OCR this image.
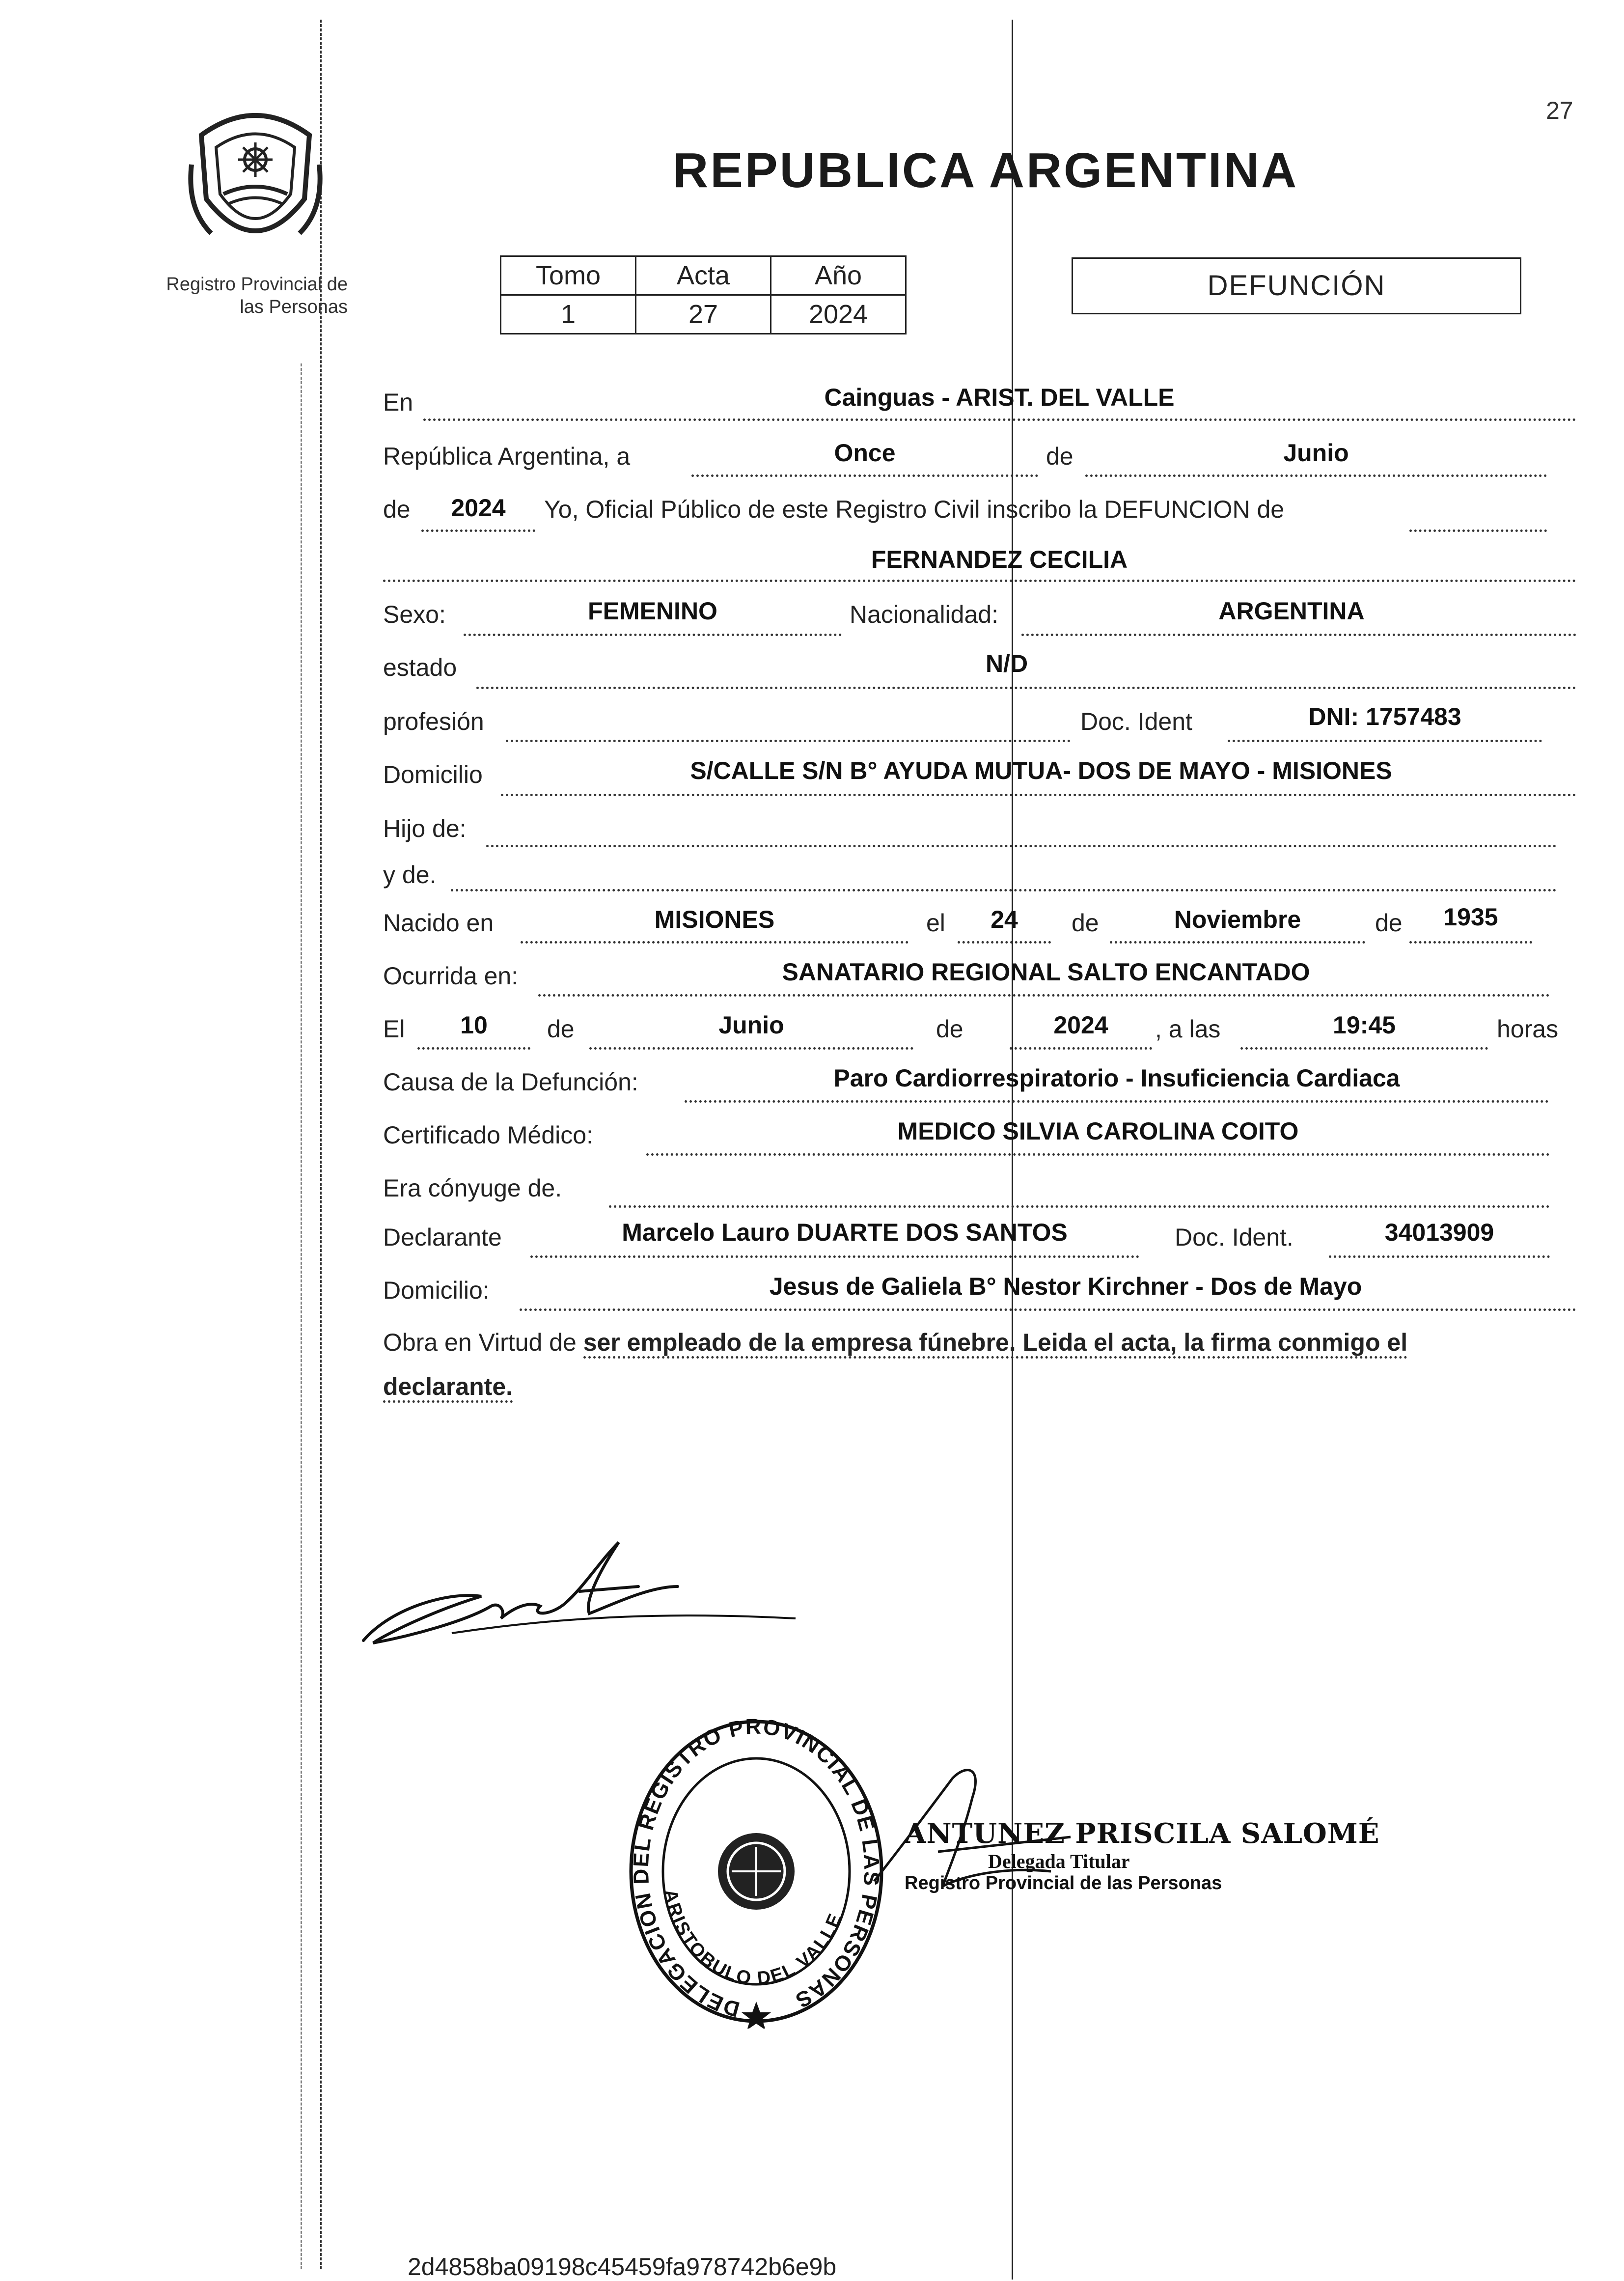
27
Registro Provincial de
las Personas
REPUBLICA ARGENTINA
Tomo	Acta	Año
1	27	2024
DEFUNCIÓN
En	Cainguas - ARIST. DEL VALLE
República Argentina, a	Once	de	Junio
de	2024	Yo, Oficial Público de este Registro Civil inscribo la DEFUNCION de
FERNANDEZ CECILIA
Sexo:	FEMENINO	Nacionalidad:	ARGENTINA
estado	N/D
profesión	Doc. Ident	DNI: 1757483
Domicilio	S/CALLE S/N B° AYUDA MUTUA- DOS DE MAYO - MISIONES
Hijo de:
y de.
Nacido en	MISIONES	el	24	de	Noviembre	de	1935
Ocurrida en:	SANATARIO REGIONAL SALTO ENCANTADO
El	10	de	Junio	de	2024	, a las	19:45	horas
Causa de la Defunción:	Paro Cardiorrespiratorio - Insuficiencia Cardiaca
Certificado Médico:	MEDICO SILVIA CAROLINA COITO
Era cónyuge de.
Declarante	Marcelo Lauro DUARTE DOS SANTOS	Doc. Ident.	34013909
Domicilio:	Jesus de Galiela B° Nestor Kirchner - Dos de Mayo
Obra en Virtud de ser empleado de la empresa fúnebre. Leida el acta, la firma conmigo el
declarante.
DELEGACION DEL REGISTRO PROVINCIAL DE LAS PERSONAS
ARISTOBULO DEL VALLE
ANTUNEZ PRISCILA SALOMÉ
Delegada Titular
Registro Provincial de las Personas
2d4858ba09198c45459fa978742b6e9b
